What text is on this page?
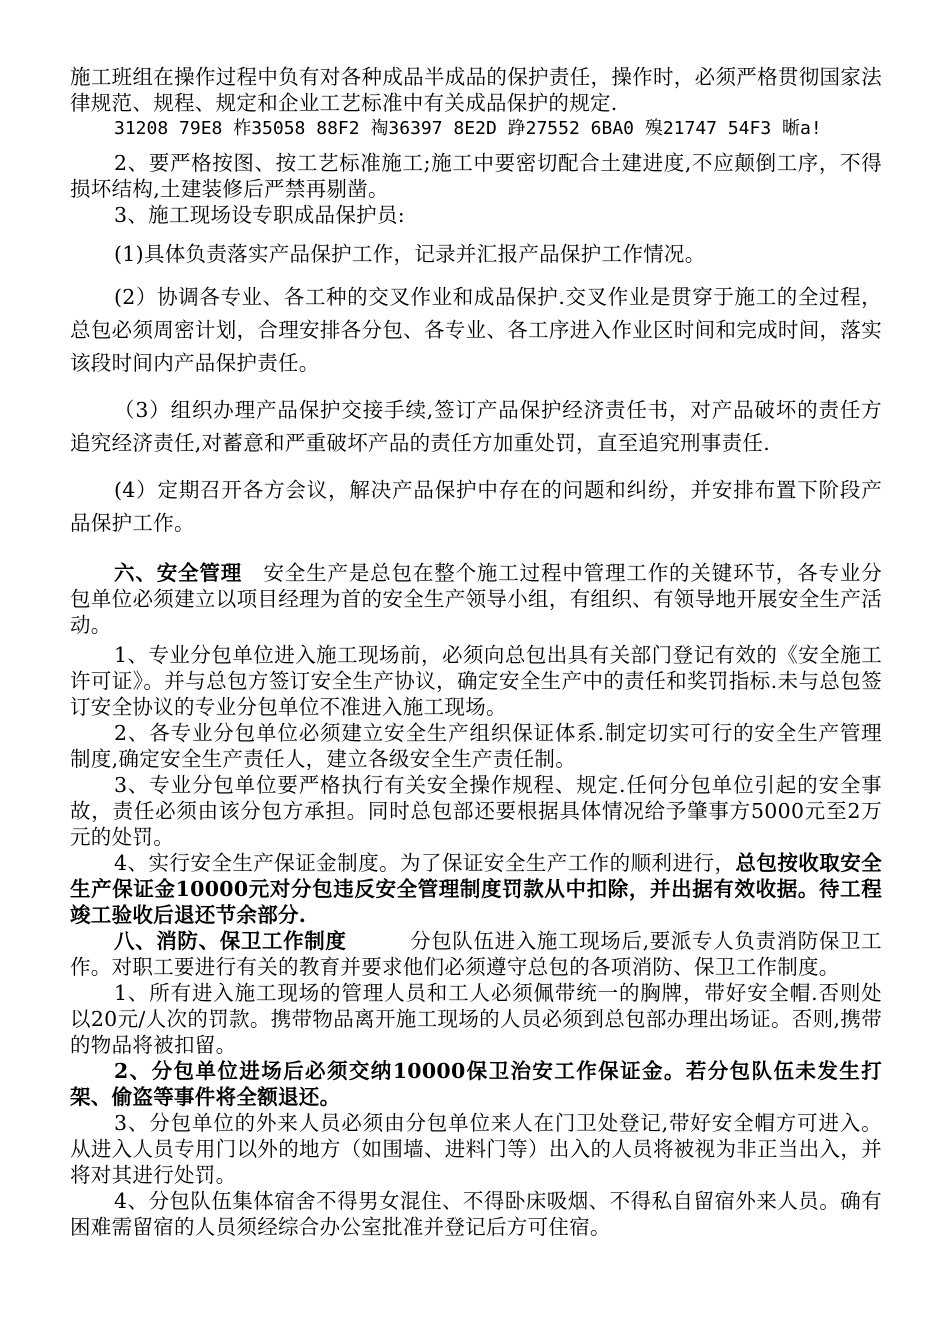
施工班组在操作过程中负有对各种成品半成品的保护责任，操作时，必须严格贯彻国家法律规范、规程、规定和企业工艺标准中有关成品保护的规定.

31208 79E8 柞35058 88F2 祹36397 8E2D 踭27552 6BA0 殠21747 54F3 晰a!

2、要严格按图、按工艺标准施工;施工中要密切配合土建进度,不应颠倒工序，不得损坏结构,土建装修后严禁再剔凿。

3、施工现场设专职成品保护员:

(1)具体负责落实产品保护工作，记录并汇报产品保护工作情况。

(2）协调各专业、各工种的交叉作业和成品保护.交叉作业是贯穿于施工的全过程，总包必须周密计划，合理安排各分包、各专业、各工序进入作业区时间和完成时间，落实该段时间内产品保护责任。

（3）组织办理产品保护交接手续,签订产品保护经济责任书，对产品破坏的责任方追究经济责任,对蓄意和严重破坏产品的责任方加重处罚，直至追究刑事责任.

(4）定期召开各方会议，解决产品保护中存在的问题和纠纷，并安排布置下阶段产品保护工作。

六、安全管理　安全生产是总包在整个施工过程中管理工作的关键环节，各专业分包单位必须建立以项目经理为首的安全生产领导小组，有组织、有领导地开展安全生产活动。

1、专业分包单位进入施工现场前，必须向总包出具有关部门登记有效的《安全施工许可证》。并与总包方签订安全生产协议，确定安全生产中的责任和奖罚指标.未与总包签订安全协议的专业分包单位不准进入施工现场。

2、各专业分包单位必须建立安全生产组织保证体系.制定切实可行的安全生产管理制度,确定安全生产责任人，建立各级安全生产责任制。

3、专业分包单位要严格执行有关安全操作规程、规定.任何分包单位引起的安全事故，责任必须由该分包方承担。同时总包部还要根据具体情况给予肇事方5000元至2万元的处罚。

4、实行安全生产保证金制度。为了保证安全生产工作的顺利进行，总包按收取安全生产保证金10000元对分包违反安全管理制度罚款从中扣除，并出据有效收据。待工程竣工验收后退还节余部分.

八、消防、保卫工作制度　　　分包队伍进入施工现场后,要派专人负责消防保卫工作。对职工要进行有关的教育并要求他们必须遵守总包的各项消防、保卫工作制度。

1、所有进入施工现场的管理人员和工人必须佩带统一的胸牌，带好安全帽.否则处以20元/人次的罚款。携带物品离开施工现场的人员必须到总包部办理出场证。否则,携带的物品将被扣留。

2、分包单位进场后必须交纳10000保卫治安工作保证金。若分包队伍未发生打架、偷盗等事件将全额退还。

3、分包单位的外来人员必须由分包单位来人在门卫处登记,带好安全帽方可进入。从进入人员专用门以外的地方（如围墙、进料门等）出入的人员将被视为非正当出入，并将对其进行处罚。

4、分包队伍集体宿舍不得男女混住、不得卧床吸烟、不得私自留宿外来人员。确有困难需留宿的人员须经综合办公室批准并登记后方可住宿。
